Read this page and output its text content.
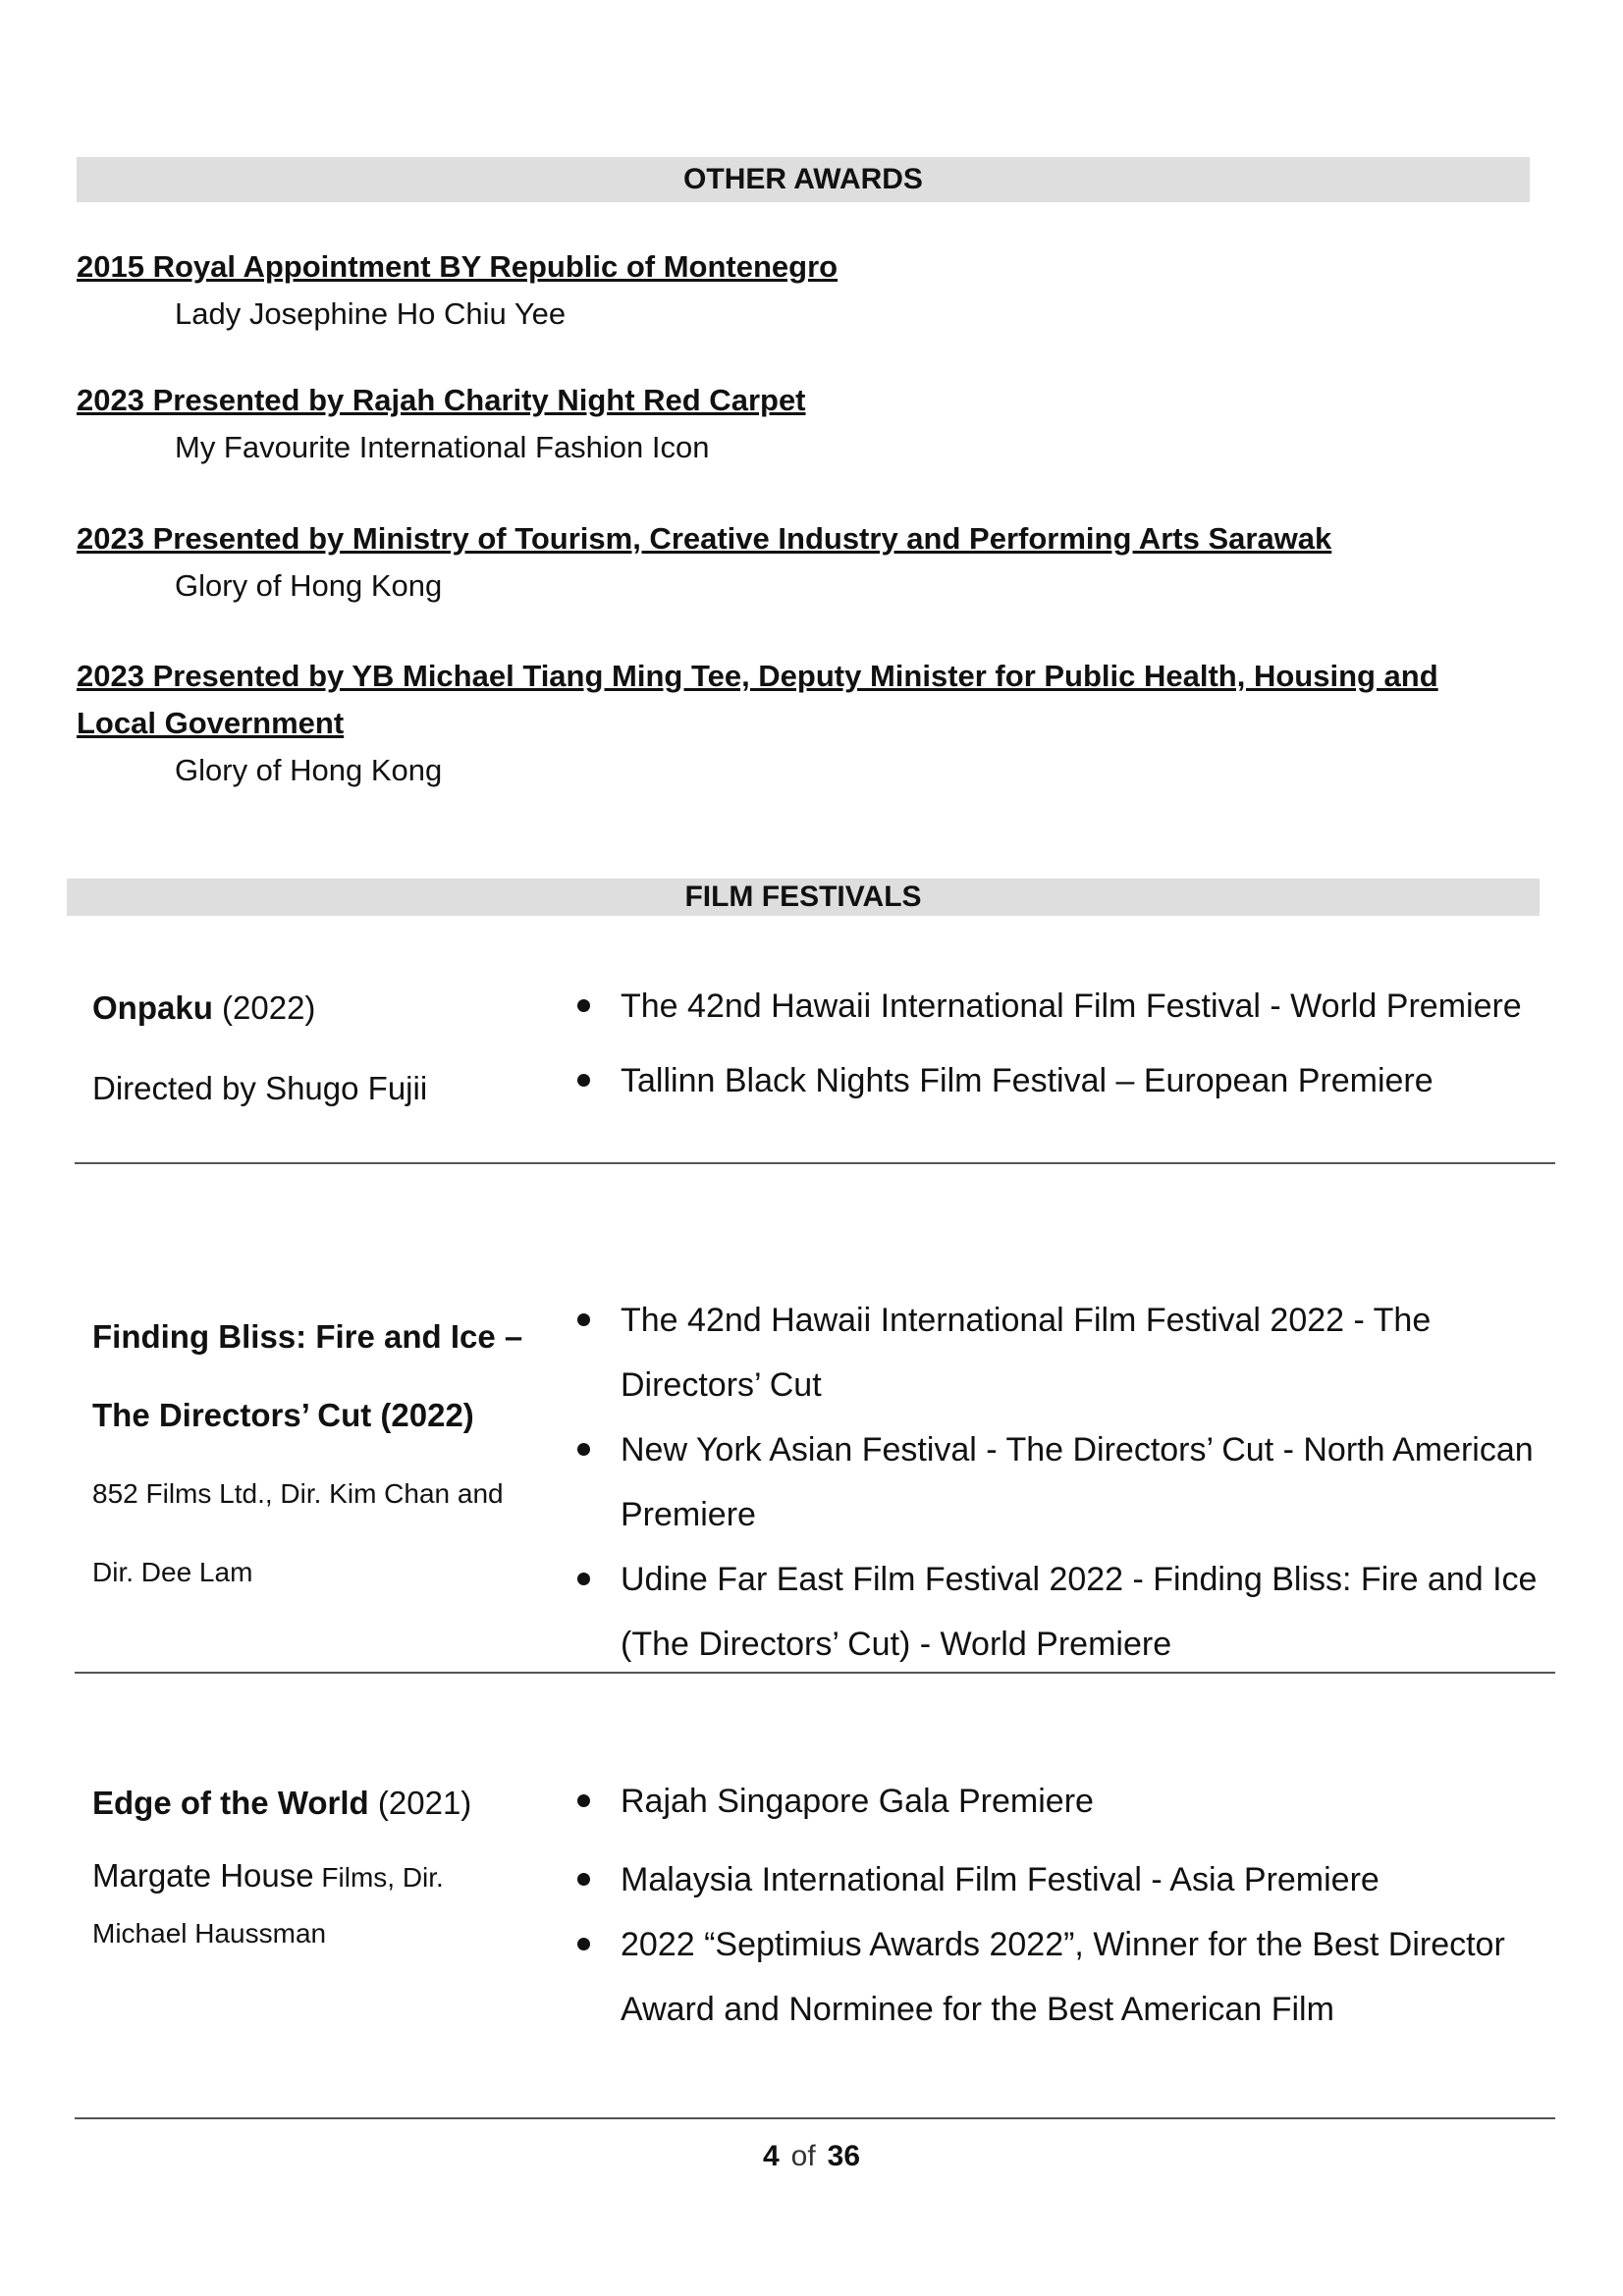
OTHER AWARDS
2015 Royal Appointment BY Republic of Montenegro
Lady Josephine Ho Chiu Yee
2023 Presented by Rajah Charity Night Red Carpet
My Favourite International Fashion Icon
2023 Presented by Ministry of Tourism, Creative Industry and Performing Arts Sarawak
Glory of Hong Kong
2023 Presented by YB Michael Tiang Ming Tee, Deputy Minister for Public Health, Housing and Local Government
Glory of Hong Kong
FILM FESTIVALS
Onpaku (2022)
Directed by Shugo Fujii
The 42nd Hawaii International Film Festival - World Premiere
Tallinn Black Nights Film Festival – European Premiere
Finding Bliss: Fire and Ice –
The Directors’ Cut (2022)
852 Films Ltd., Dir. Kim Chan and
Dir. Dee Lam
The 42nd Hawaii International Film Festival 2022 - The Directors’ Cut
New York Asian Festival - The Directors’ Cut - North American Premiere
Udine Far East Film Festival 2022 - Finding Bliss: Fire and Ice (The Directors’ Cut) - World Premiere
Edge of the World (2021)
Margate House Films, Dir.
Michael Haussman
Rajah Singapore Gala Premiere
Malaysia International Film Festival - Asia Premiere
2022 “Septimius Awards 2022”, Winner for the Best Director Award and Norminee for the Best American Film
4 of 36
